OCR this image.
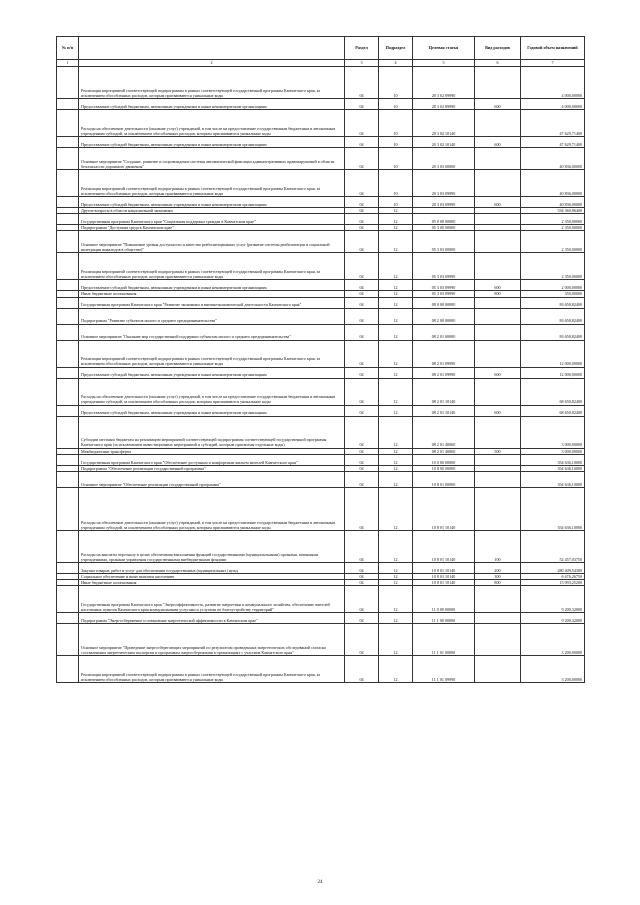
№ п/п		Раздел	Подраздел	Целевая статья	Вид расходов	Годовой объем назначений
1	2	3	4	5	6	7
	Реализация мероприятий соответствующей подпрограммы в рамках соответствующей государственной программы Камчатского края, за исключением обособленных расходов, которым присваиваются уникальные коды	04	10	20 3 02 09990		4 000,00000
	Предоставление субсидий бюджетным, автономным учреждениям и иным некоммерческим организациям	04	10	20 3 02 09990	600	4 000,00000
	Расходы на обеспечение деятельности (оказание услуг) учреждений, в том числе на предоставление государственным бюджетным и автономным учреждениям субсидий, за исключением обособленных расходов, которым присваиваются уникальные коды	04	10	20 3 02 10140		47 629,71400
	Предоставление субсидий бюджетным, автономным учреждениям и иным некоммерческим организациям	04	10	20 3 02 10140	600	47 629,71400
	Основное мероприятие "Создание, развитие и сопровождение системы автоматической фиксации административных правонарушений в области безопасности дорожного движения"	04	10	20 3 03 00000		40 836,00000
	Реализация мероприятий соответствующей подпрограммы в рамках соответствующей государственной программы Камчатского края, за исключением обособленных расходов, которым присваиваются уникальные коды	04	10	20 3 03 09990		40 836,00000
	Предоставление субсидий бюджетным, автономным учреждениям и иным некоммерческим организациям	04	10	20 3 03 09990	600	40 836,00000
	Другие вопросы в области национальной экономики	04	12			534 360,86400
	Государственная программа Камчатского края "Социальная поддержка граждан в Камчатском крае"	04	12	05 0 00 00000		2 350,00000
	Подпрограмма "Доступная среда в Камчатском крае"	04	12	05 3 00 00000		2 350,00000
	Основное мероприятие "Повышение уровня доступности и качества реабилитационных услуг (развитие системы реабилитации и социальной интеграции инвалидов в обществе)"	04	12	05 3 03 00000		2 350,00000
	Реализация мероприятий соответствующей подпрограммы в рамках соответствующей государственной программы Камчатского края, за исключением обособленных расходов, которым присваиваются уникальные коды	04	12	05 3 03 09990		2 350,00000
	Предоставление субсидий бюджетным, автономным учреждениям и иным некоммерческим организациям	04	12	05 3 03 09990	600	2 000,00000
	Иные бюджетные ассигнования	04	12	05 3 03 09990	800	350,00000
	Государственная программа Камчатского края "Развитие экономики и внешнеэкономической деятельности Камчатского края"	04	12	08 0 00 00000		83 650,82400
	Подпрограмма "Развитие субъектов малого и среднего предпринимательства"	04	12	08 2 00 00000		83 650,82400
	Основное мероприятие "Оказание мер государственной поддержки субъектам малого и среднего предпринимательства"	04	12	08 2 01 00000		83 650,82400
	Реализация мероприятий соответствующей подпрограммы в рамках соответствующей государственной программы Камчатского края, за исключением обособленных расходов, которым присваиваются уникальные коды	04	12	08 2 01 09990		12 000,00000
	Предоставление субсидий бюджетным, автономным учреждениям и иным некоммерческим организациям	04	12	08 2 01 09990	600	12 000,00000
	Расходы на обеспечение деятельности (оказание услуг) учреждений, в том числе на предоставление государственным бюджетным и автономным учреждениям субсидий, за исключением обособленных расходов, которым присваиваются уникальные коды	04	12	08 2 01 10140		68 650,82400
	Предоставление субсидий бюджетным, автономным учреждениям и иным некоммерческим организациям	04	12	08 2 01 10140	600	68 650,82400
	Субсидии местным бюджетам на реализацию мероприятий соответствующей подпрограммы соответствующей государственной программы Камчатского края (за исключением инвестиционных мероприятий и субсидий, которым присвоены отдельные коды)	04	12	08 2 01 40060		3 000,00000
	Межбюджетные трансферты	04	12	08 2 01 40060	500	3 000,00000
	Государственная программа Камчатского края "Обеспечение доступным и комфортным жильем жителей Камчатского края"	04	12	10 0 00 00000		354 636,10000
	Подпрограмма "Обеспечение реализации государственной программы"	04	12	10 8 00 00000		354 636,10000
	Основное мероприятие "Обеспечение реализации государственной программы"	04	12	10 8 01 00000		354 636,10000
	Расходы на обеспечение деятельности (оказание услуг) учреждений, в том числе на предоставление государственным бюджетным и автономным учреждениям субсидий, за исключением обособленных расходов, которым присваиваются уникальные коды	04	12	10 8 01 10140		354 636,10000
	Расходы на выплаты персоналу в целях обеспечения выполнения функций государственными (муниципальными) органами, казенными учреждениями, органами управления государственными внебюджетными фондами	04	12	10 8 01 10140	100	52 457,03750
	Закупка товаров, работ и услуг для обеспечения государственных (муниципальных) нужд	04	12	10 8 01 10140	200	280 409,54300
	Социальное обеспечение и иные выплаты населению	04	12	10 8 01 10140	300	6 676,26750
	Иные бюджетные ассигнования	04	12	10 8 01 10140	800	15 093,25200
	Государственная программа Камчатского края "Энергоэффективность, развитие энергетики и коммунального хозяйства, обеспечение жителей населенных пунктов Камчатского края коммунальными услугами и услугами по благоустройству территорий"	04	12	11 0 00 00000		9 200,32000
	Подпрограмма "Энергосбережение и повышение энергетической эффективности в Камчатском крае"	04	12	11 1 00 00000		9 200,32000
	Основное мероприятие "Проведение энергосберегающих мероприятий по результатам проведенных энергетических обследований согласно составленным энергетическим паспортам и программам энергосбережения в организациях с участием Камчатского края"	04	12	11 1 01 00000		3 200,00000
	Реализация мероприятий соответствующей подпрограммы в рамках соответствующей государственной программы Камчатского края, за исключением обособленных расходов, которым присваиваются уникальные коды	04	12	11 1 01 09990		3 200,00000
24
